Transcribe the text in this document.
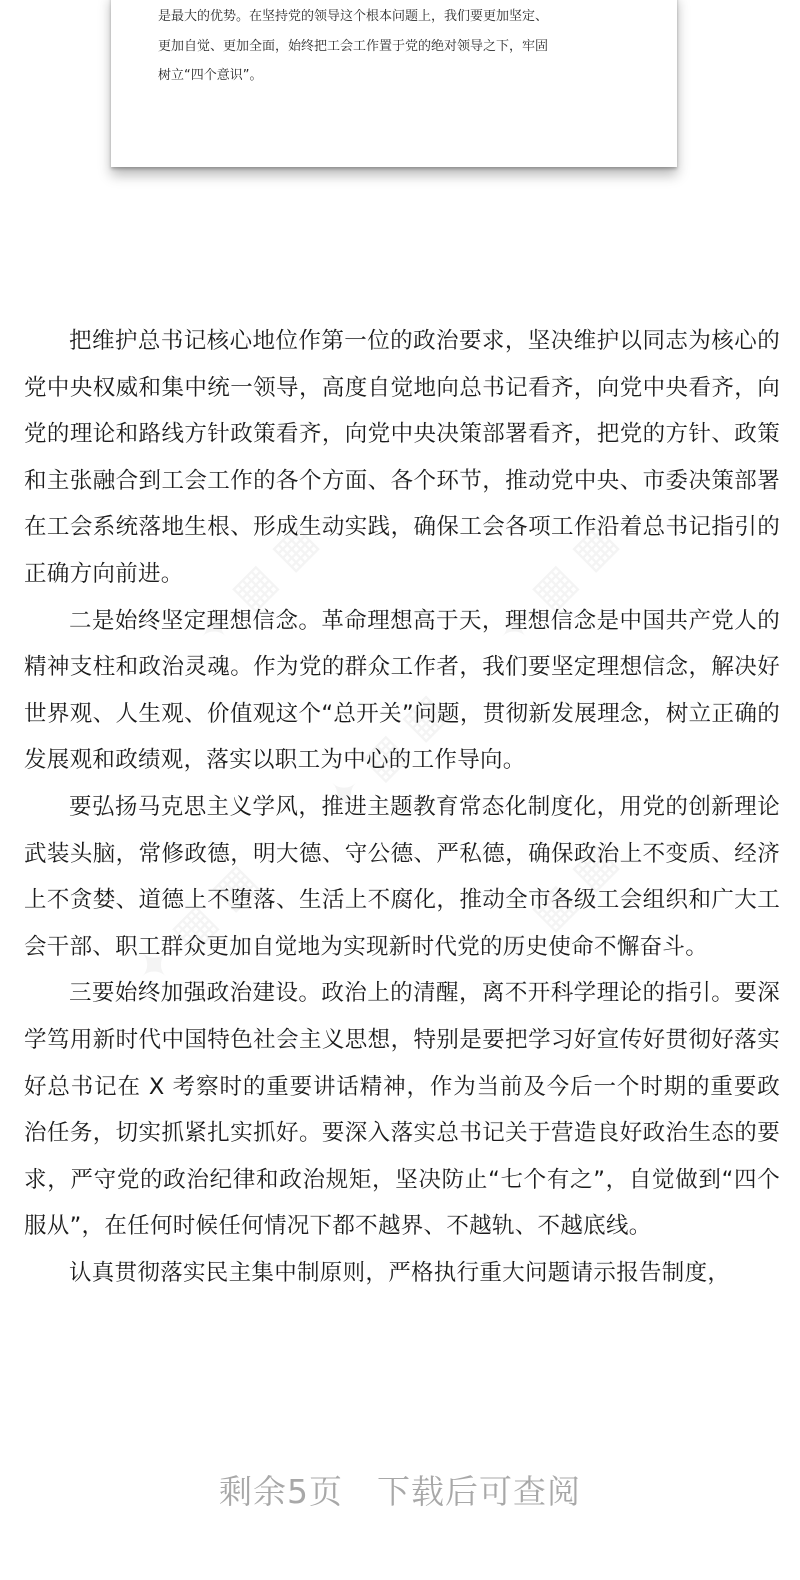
是最大的优势。在坚持党的领导这个根本问题上，我们要更加坚定、
更加自觉、更加全面，始终把工会工作置于党的绝对领导之下，牢固
树立“四个意识”。

把维护总书记核心地位作第一位的政治要求，坚决维护以同志为核心的党中央权威和集中统一领导，高度自觉地向总书记看齐，向党中央看齐，向党的理论和路线方针政策看齐，向党中央决策部署看齐，把党的方针、政策和主张融合到工会工作的各个方面、各个环节，推动党中央、市委决策部署在工会系统落地生根、形成生动实践，确保工会各项工作沿着总书记指引的正确方向前进。

二是始终坚定理想信念。革命理想高于天，理想信念是中国共产党人的精神支柱和政治灵魂。作为党的群众工作者，我们要坚定理想信念，解决好世界观、人生观、价值观这个“总开关”问题，贯彻新发展理念，树立正确的发展观和政绩观，落实以职工为中心的工作导向。

要弘扬马克思主义学风，推进主题教育常态化制度化，用党的创新理论武装头脑，常修政德，明大德、守公德、严私德，确保政治上不变质、经济上不贪婪、道德上不堕落、生活上不腐化，推动全市各级工会组织和广大工会干部、职工群众更加自觉地为实现新时代党的历史使命不懈奋斗。

三要始终加强政治建设。政治上的清醒，离不开科学理论的指引。要深学笃用新时代中国特色社会主义思想，特别是要把学习好宣传好贯彻好落实好总书记在 X 考察时的重要讲话精神，作为当前及今后一个时期的重要政治任务，切实抓紧扎实抓好。要深入落实总书记关于营造良好政治生态的要求，严守党的政治纪律和政治规矩，坚决防止“七个有之”，自觉做到“四个服从”，在任何时候任何情况下都不越界、不越轨、不越底线。

认真贯彻落实民主集中制原则，严格执行重大问题请示报告制度，

剩余5页 下载后可查阅
